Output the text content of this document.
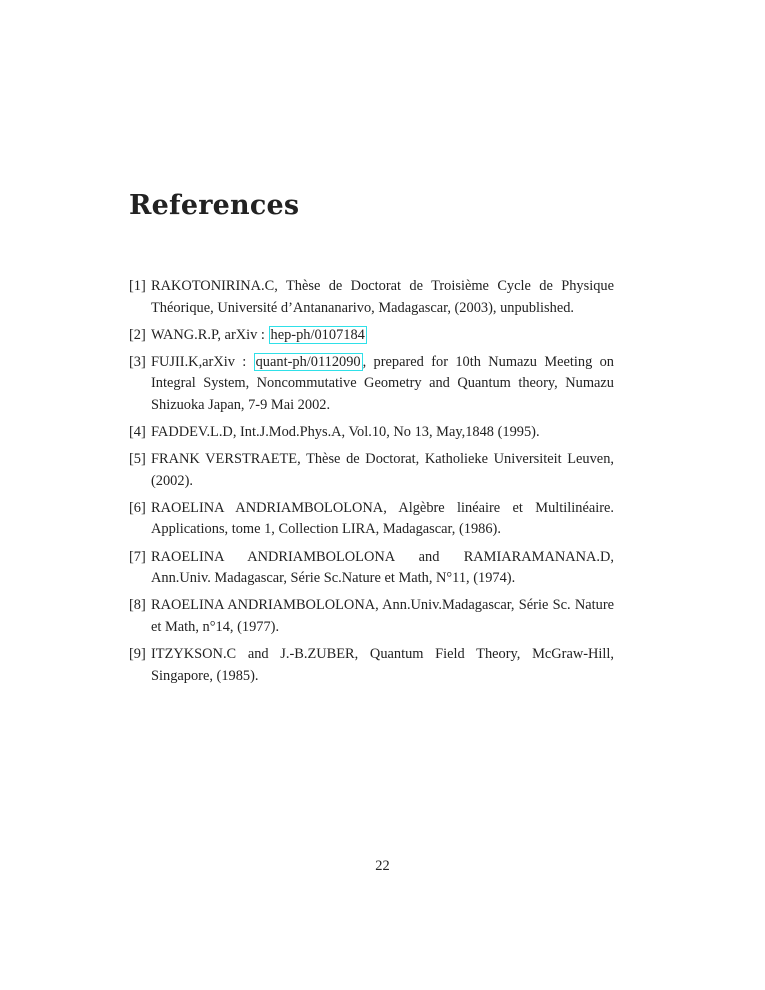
References
[1] RAKOTONIRINA.C, Thèse de Doctorat de Troisième Cycle de Physique Théorique, Université d’Antananarivo, Madagascar, (2003), unpublished.
[2] WANG.R.P, arXiv : hep-ph/0107184
[3] FUJII.K,arXiv : quant-ph/0112090 , prepared for 10th Numazu Meeting on Integral System, Noncommutative Geometry and Quantum theory, Numazu Shizuoka Japan, 7-9 Mai 2002.
[4] FADDEV.L.D, Int.J.Mod.Phys.A, Vol.10, No 13, May,1848 (1995).
[5] FRANK VERSTRAETE, Thèse de Doctorat, Katholieke Universiteit Leuven, (2002).
[6] RAOELINA ANDRIAMBOLOLONA, Algèbre linéaire et Multilinéaire. Applications, tome 1, Collection LIRA, Madagascar, (1986).
[7] RAOELINA ANDRIAMBOLOLONA and RAMIARAMANANA.D, Ann.Univ. Madagascar, Série Sc.Nature et Math, N°11, (1974).
[8] RAOELINA ANDRIAMBOLOLONA, Ann.Univ.Madagascar, Série Sc. Nature et Math, n°14, (1977).
[9] ITZYKSON.C and J.-B.ZUBER, Quantum Field Theory, McGraw-Hill, Singapore, (1985).
22
